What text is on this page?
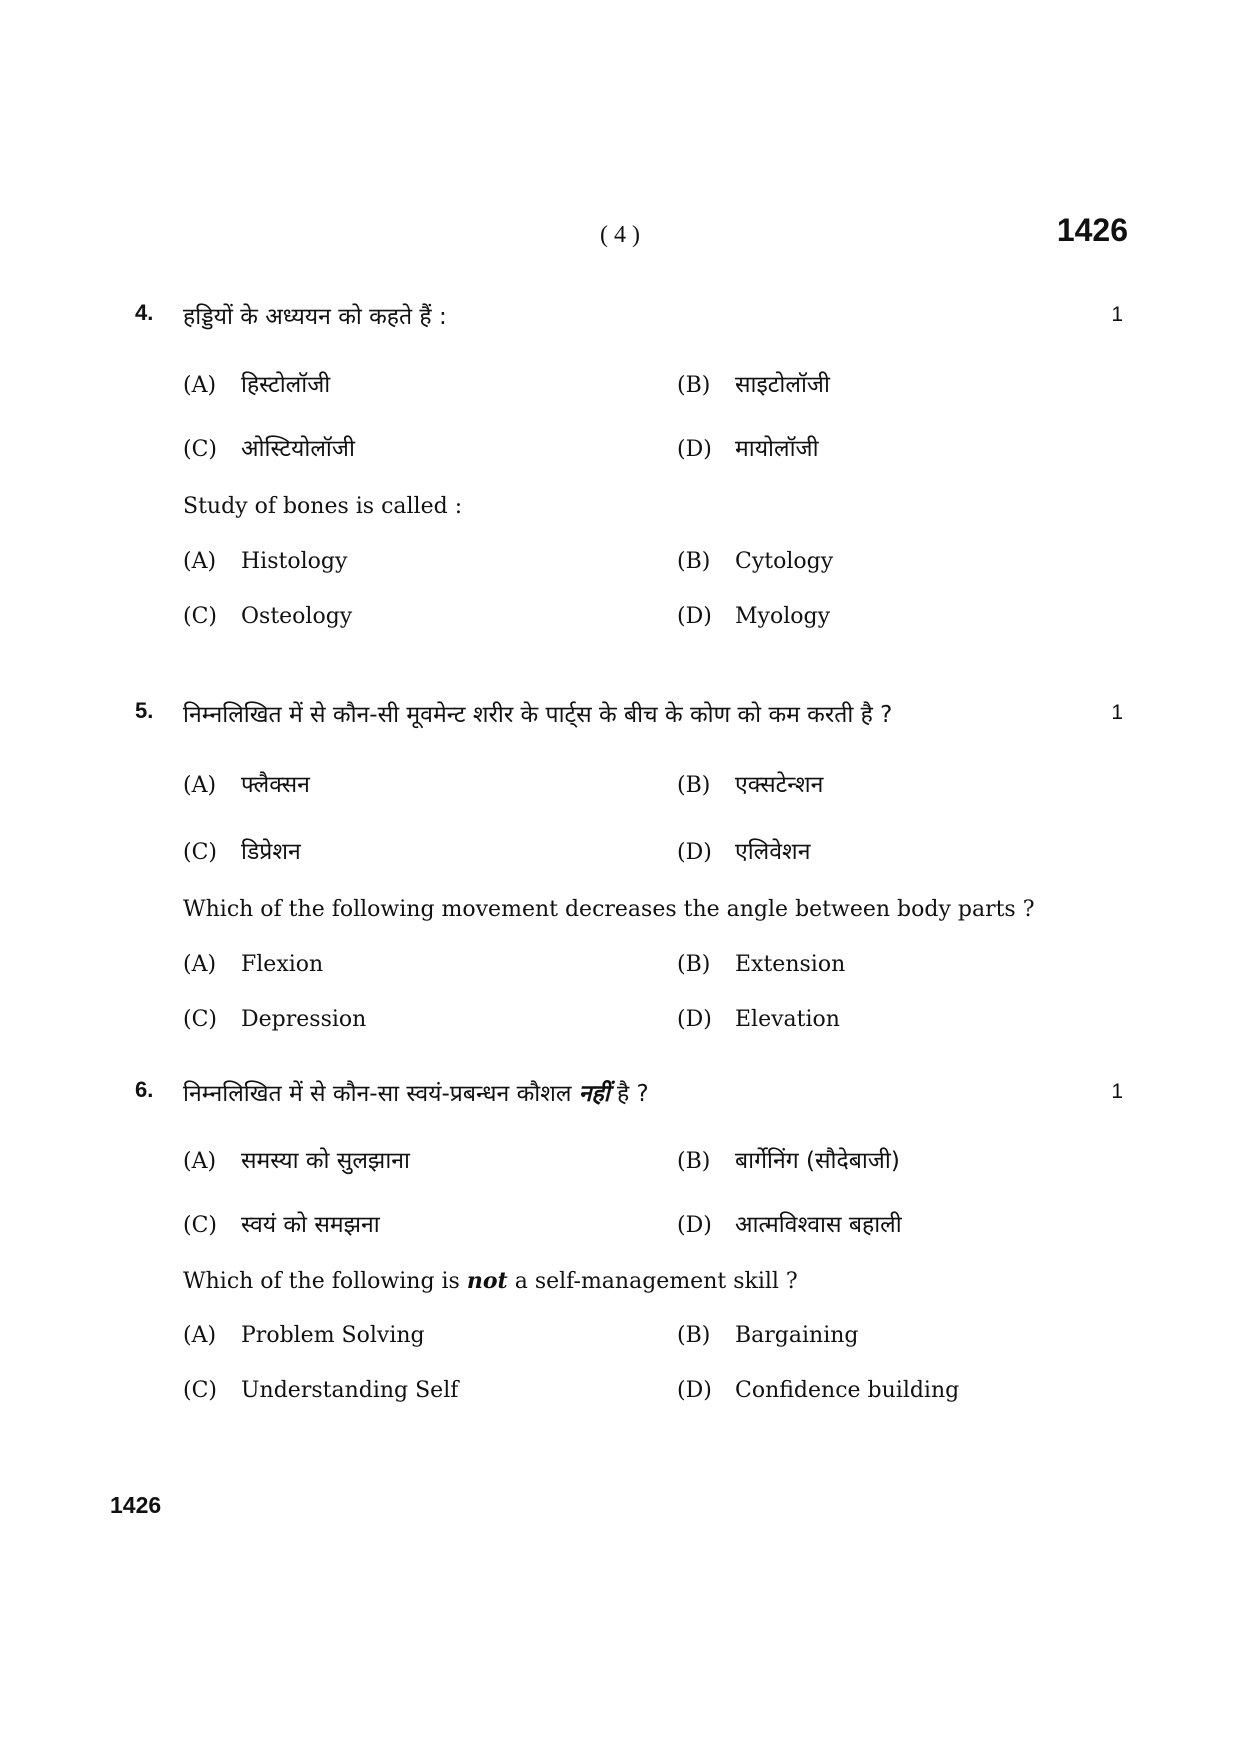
( 4 )	1426
4. हड्डियों के अध्ययन को कहते हैं :	1
(A) हिस्टोलॉजी	(B) साइटोलॉजी
(C) ओस्टियोलॉजी	(D) मायोलॉजी
Study of bones is called :
(A) Histology	(B) Cytology
(C) Osteology	(D) Myology
5. निम्नलिखित में से कौन-सी मूवमेन्ट शरीर के पार्ट्स के बीच के कोण को कम करती है ?	1
(A) फ्लैक्सन	(B) एक्सटेन्शन
(C) डिप्रेशन	(D) एलिवेशन
Which of the following movement decreases the angle between body parts ?
(A) Flexion	(B) Extension
(C) Depression	(D) Elevation
6. निम्नलिखित में से कौन-सा स्वयं-प्रबन्धन कौशल नहीं है ?	1
(A) समस्या को सुलझाना	(B) बार्गेनिंग (सौदेबाजी)
(C) स्वयं को समझना	(D) आत्मविश्वास बहाली
Which of the following is not a self-management skill ?
(A) Problem Solving	(B) Bargaining
(C) Understanding Self	(D) Confidence building
1426
